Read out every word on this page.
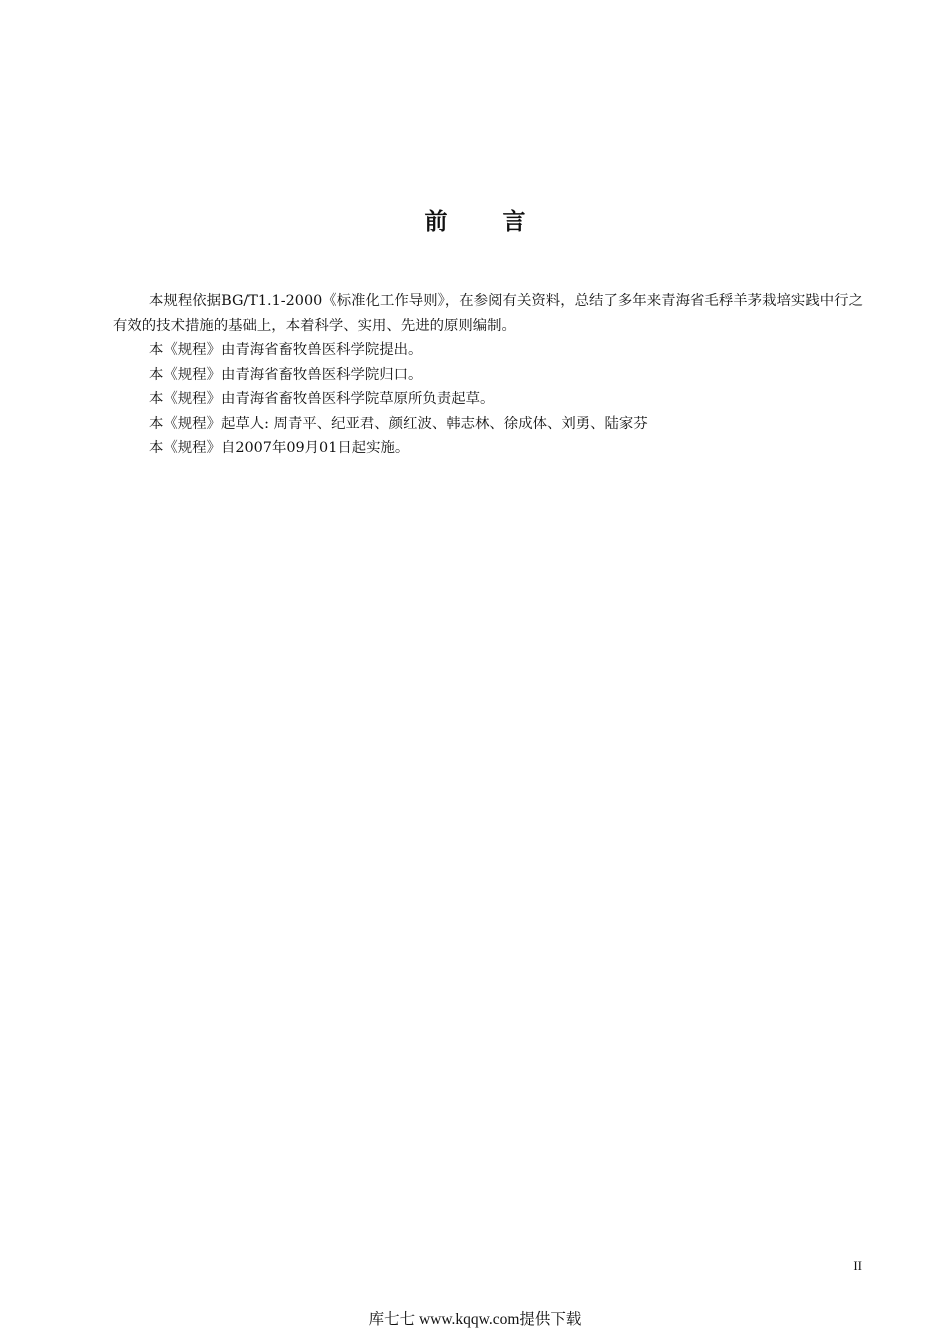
前 言

本规程依据BG/T1.1-2000《标准化工作导则》，在参阅有关资料，总结了多年来青海省毛稃羊茅栽培实践中行之有效的技术措施的基础上，本着科学、实用、先进的原则编制。

本《规程》由青海省畜牧兽医科学院提出。

本《规程》由青海省畜牧兽医科学院归口。

本《规程》由青海省畜牧兽医科学院草原所负责起草。

本《规程》起草人: 周青平、纪亚君、颜红波、韩志林、徐成体、刘勇、陆家芬

本《规程》自2007年09月01日起实施。

II
库七七 www.kqqw.com提供下载
